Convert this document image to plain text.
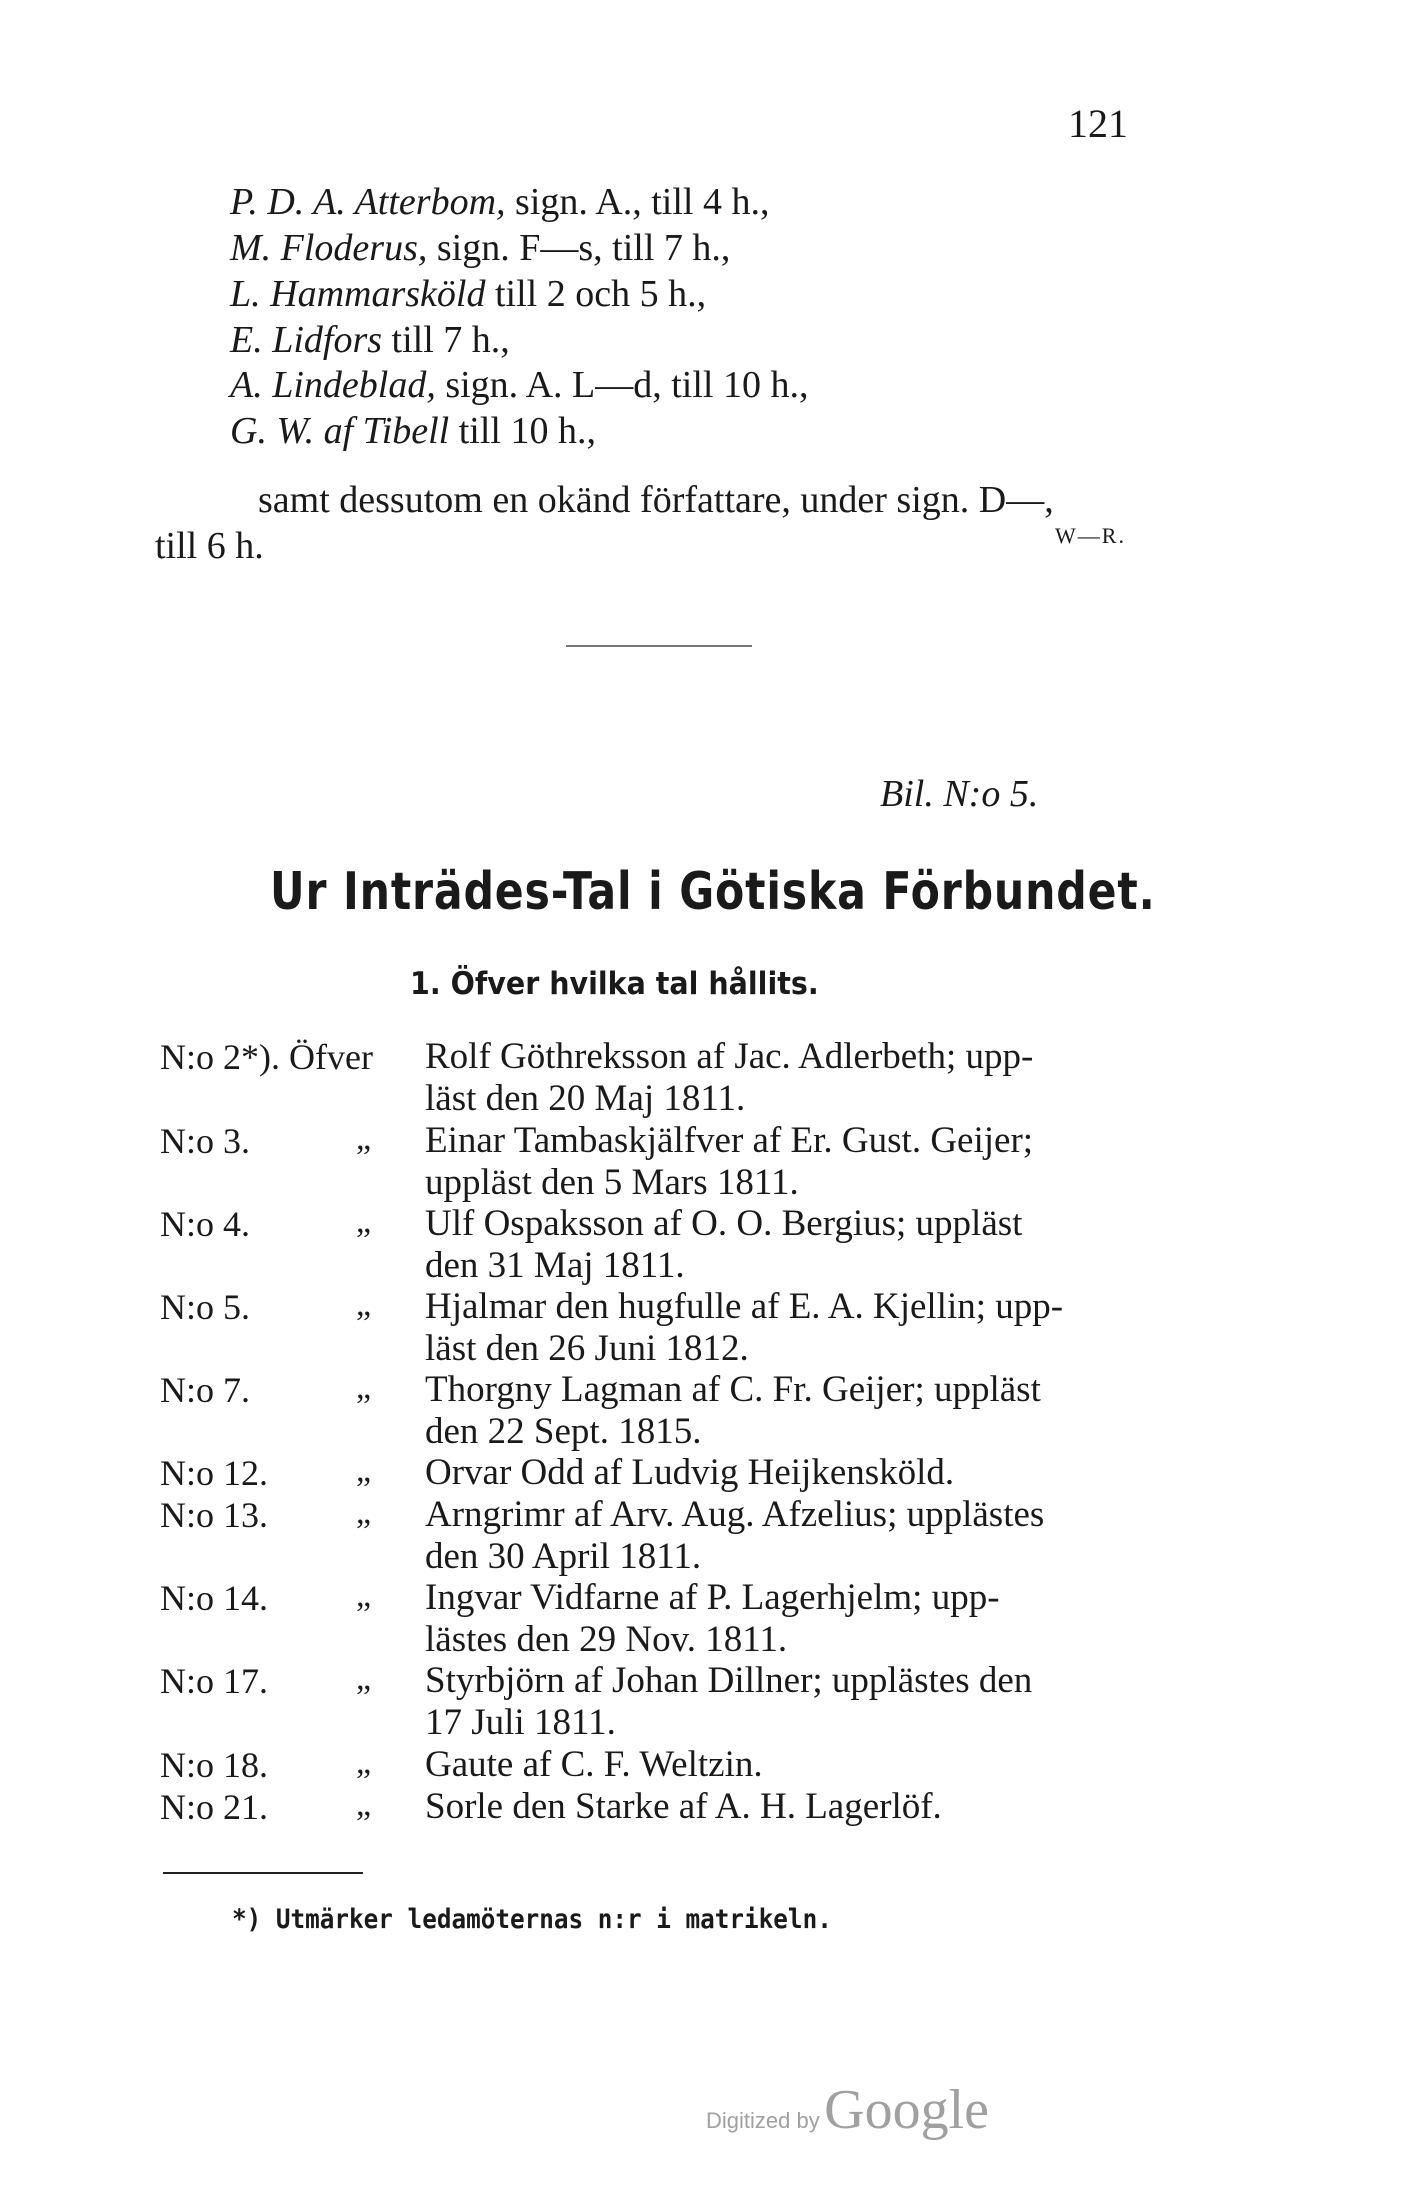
121
P. D. A. Atterbom, sign. A., till 4 h.,
M. Floderus, sign. F—s, till 7 h.,
L. Hammarsköld till 2 och 5 h.,
E. Lidfors till 7 h.,
A. Lindeblad, sign. A. L—d, till 10 h.,
G. W. af Tibell till 10 h.,
samt dessutom en okänd författare, under sign. D—,
till 6 h.	W—R.
Bil. N:o 5.
Ur Inträdes-Tal i Götiska Förbundet.
1. Öfver hvilka tal hållits.
N:o 2*). Öfver Rolf Göthreksson af Jac. Adlerbeth; upp-
läst den 20 Maj 1811.
N:o 3.	„ Einar Tambaskjälfver af Er. Gust. Geijer;
uppläst den 5 Mars 1811.
N:o 4.	„ Ulf Ospaksson af O. O. Bergius; uppläst
den 31 Maj 1811.
N:o 5.	„ Hjalmar den hugfulle af E. A. Kjellin; upp-
läst den 26 Juni 1812.
N:o 7.	„ Thorgny Lagman af C. Fr. Geijer; uppläst
den 22 Sept. 1815.
N:o 12.	„ Orvar Odd af Ludvig Heijkensköld.
N:o 13.	„ Arngrimr af Arv. Aug. Afzelius; upplästes
den 30 April 1811.
N:o 14.	„ Ingvar Vidfarne af P. Lagerhjelm; upp-
lästes den 29 Nov. 1811.
N:o 17.	„ Styrbjörn af Johan Dillner; upplästes den
17 Juli 1811.
N:o 18.	„ Gaute af C. F. Weltzin.
N:o 21.	„ Sorle den Starke af A. H. Lagerlöf.
*) Utmärker ledamöternas n:r i matrikeln.
Digitized by Google
